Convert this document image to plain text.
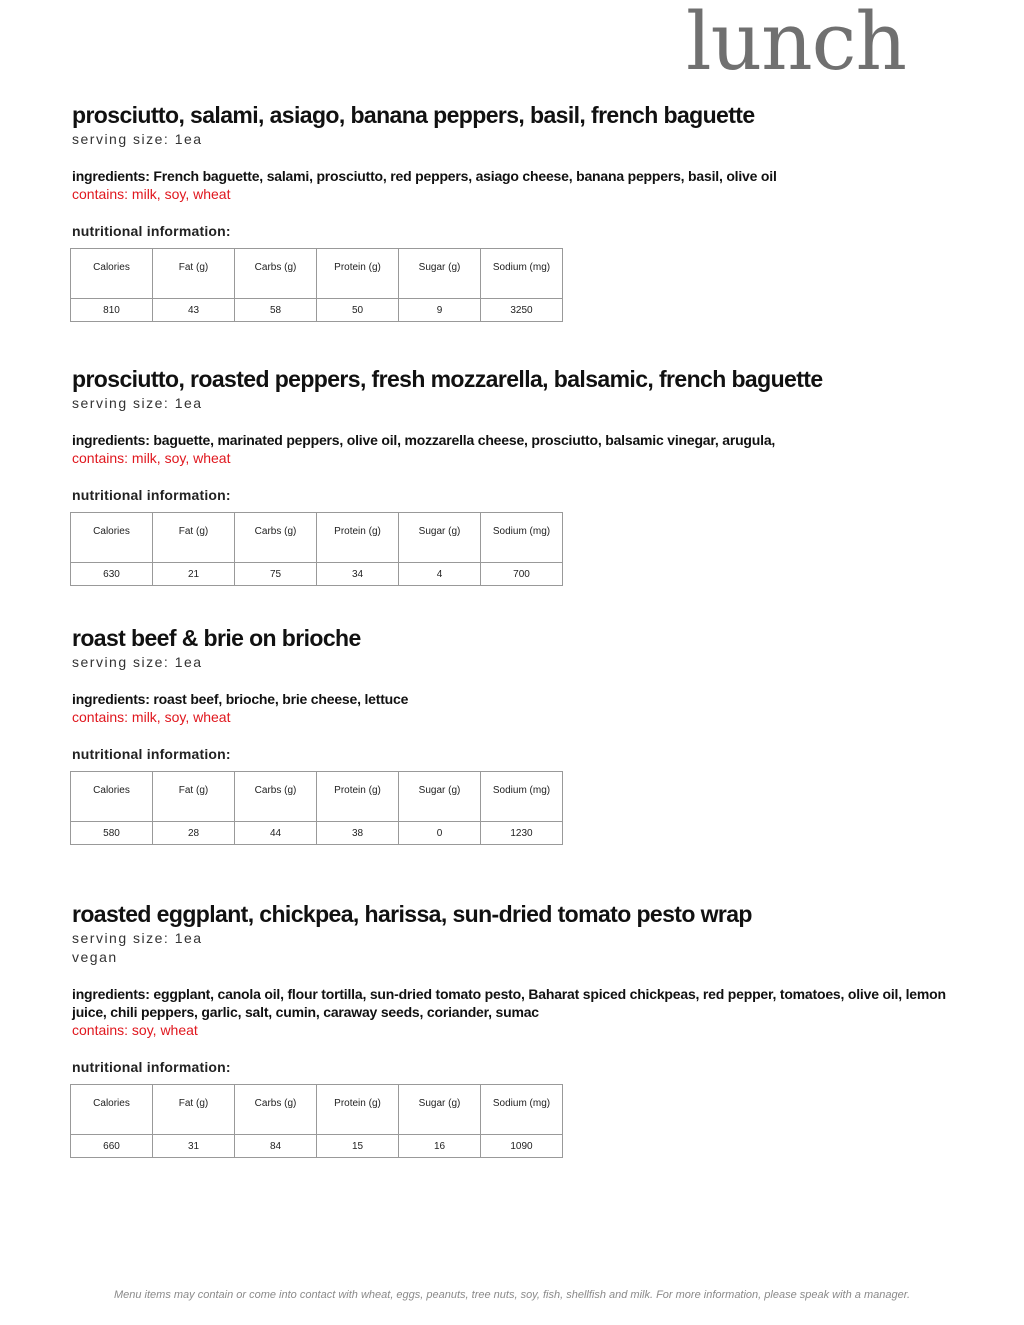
lunch
prosciutto, salami, asiago, banana peppers, basil, french baguette
serving size: 1ea
ingredients: French baguette, salami, prosciutto, red peppers, asiago cheese, banana peppers, basil, olive oil
contains: milk, soy, wheat
nutritional information:
Calories	Fat (g)	Carbs (g)	Protein (g)	Sugar (g)	Sodium (mg)
810	43	58	50	9	3250
prosciutto, roasted peppers, fresh mozzarella, balsamic, french baguette
serving size: 1ea
ingredients: baguette, marinated peppers, olive oil, mozzarella cheese, prosciutto, balsamic vinegar, arugula,
contains: milk, soy, wheat
nutritional information:
Calories	Fat (g)	Carbs (g)	Protein (g)	Sugar (g)	Sodium (mg)
630	21	75	34	4	700
roast beef & brie on brioche
serving size: 1ea
ingredients: roast beef, brioche, brie cheese, lettuce
contains: milk, soy, wheat
nutritional information:
Calories	Fat (g)	Carbs (g)	Protein (g)	Sugar (g)	Sodium (mg)
580	28	44	38	0	1230
roasted eggplant, chickpea, harissa, sun-dried tomato pesto wrap
serving size: 1ea
vegan
ingredients: eggplant, canola oil, flour tortilla, sun-dried tomato pesto, Baharat spiced chickpeas, red pepper, tomatoes, olive oil, lemon juice, chili peppers, garlic, salt, cumin, caraway seeds, coriander, sumac
contains: soy, wheat
nutritional information:
Calories	Fat (g)	Carbs (g)	Protein (g)	Sugar (g)	Sodium (mg)
660	31	84	15	16	1090
Menu items may contain or come into contact with wheat, eggs, peanuts, tree nuts, soy, fish, shellfish and milk. For more information, please speak with a manager.
